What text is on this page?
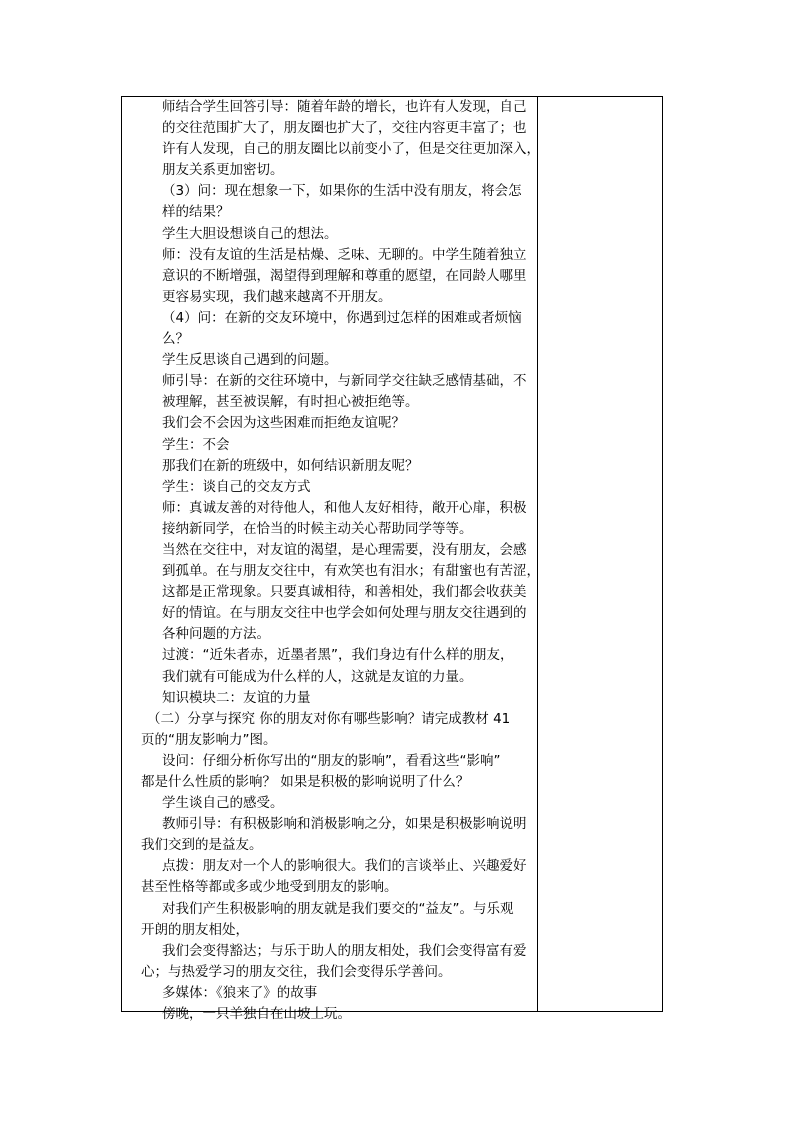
师结合学生回答引导：随着年龄的增长，也许有人发现，自己
的交往范围扩大了，朋友圈也扩大了，交往内容更丰富了；也
许有人发现，自己的朋友圈比以前变小了，但是交往更加深入，
朋友关系更加密切。
（3）问：现在想象一下，如果你的生活中没有朋友，将会怎
样的结果？
学生大胆设想谈自己的想法。
师：没有友谊的生活是枯燥、乏味、无聊的。中学生随着独立
意识的不断增强，渴望得到理解和尊重的愿望，在同龄人哪里
更容易实现，我们越来越离不开朋友。
（4）问：在新的交友环境中，你遇到过怎样的困难或者烦恼
么？
学生反思谈自己遇到的问题。
师引导：在新的交往环境中，与新同学交往缺乏感情基础，不
被理解，甚至被误解，有时担心被拒绝等。
我们会不会因为这些困难而拒绝友谊呢？
学生：不会
那我们在新的班级中，如何结识新朋友呢？
学生：谈自己的交友方式
师：真诚友善的对待他人，和他人友好相待，敞开心扉，积极
接纳新同学，在恰当的时候主动关心帮助同学等等。
当然在交往中，对友谊的渴望，是心理需要，没有朋友，会感
到孤单。在与朋友交往中，有欢笑也有泪水；有甜蜜也有苦涩，
这都是正常现象。只要真诚相待，和善相处，我们都会收获美
好的情谊。在与朋友交往中也学会如何处理与朋友交往遇到的
各种问题的方法。
过渡：“近朱者赤，近墨者黑”，我们身边有什么样的朋友，
我们就有可能成为什么样的人，这就是友谊的力量。
知识模块二：友谊的力量
（二）分享与探究 你的朋友对你有哪些影响？请完成教材 41
页的“朋友影响力”图。
设问：仔细分析你写出的“朋友的影响”，看看这些“影响”
都是什么性质的影响？ 如果是积极的影响说明了什么？
学生谈自己的感受。
教师引导：有积极影响和消极影响之分，如果是积极影响说明
我们交到的是益友。
点拨：朋友对一个人的影响很大。我们的言谈举止、兴趣爱好
甚至性格等都或多或少地受到朋友的影响。
对我们产生积极影响的朋友就是我们要交的“益友”。与乐观
开朗的朋友相处，
我们会变得豁达；与乐于助人的朋友相处，我们会变得富有爱
心；与热爱学习的朋友交往，我们会变得乐学善问。
多媒体：《狼来了》的故事
傍晚，一只羊独自在山坡上玩。
